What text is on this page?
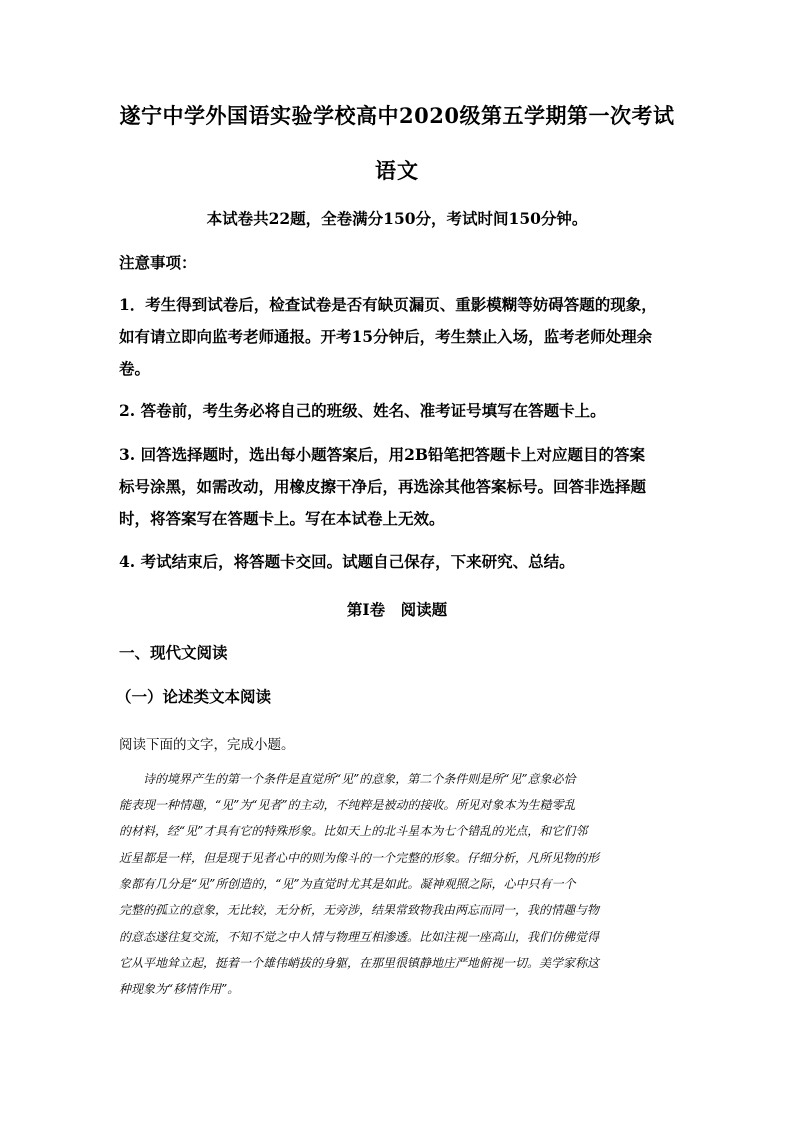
遂宁中学外国语实验学校高中2020级第五学期第一次考试
语文
本试卷共22题，全卷满分150分，考试时间150分钟。
注意事项：
1．考生得到试卷后，检查试卷是否有缺页漏页、重影模糊等妨碍答题的现象，
如有请立即向监考老师通报。开考15分钟后，考生禁止入场，监考老师处理余
卷。
2. 答卷前，考生务必将自己的班级、姓名、准考证号填写在答题卡上。
3. 回答选择题时，选出每小题答案后，用2B铅笔把答题卡上对应题目的答案
标号涂黑，如需改动，用橡皮擦干净后，再选涂其他答案标号。回答非选择题
时，将答案写在答题卡上。写在本试卷上无效。
4. 考试结束后，将答题卡交回。试题自己保存，下来研究、总结。
第Ⅰ卷　阅读题
一、现代文阅读
（一）论述类文本阅读
阅读下面的文字，完成小题。
　　诗的境界产生的第一个条件是直觉所“见”的意象，第二个条件则是所“见”意象必恰
能表现一种情趣，“见”为“见者”的主动，不纯粹是被动的接收。所见对象本为生糙零乱
的材料，经“见”才具有它的特殊形象。比如天上的北斗星本为七个错乱的光点，和它们邻
近星都是一样，但是现于见者心中的则为像斗的一个完整的形象。仔细分析，凡所见物的形
象都有几分是“见”所创造的，“见”为直觉时尤其是如此。凝神观照之际，心中只有一个
完整的孤立的意象，无比较，无分析，无旁涉，结果常致物我由两忘而同一，我的情趣与物
的意态遂往复交流，不知不觉之中人情与物理互相渗透。比如注视一座高山，我们仿佛觉得
它从平地耸立起，挺着一个雄伟峭拔的身躯，在那里很镇静地庄严地俯视一切。美学家称这
种现象为“移情作用”。
